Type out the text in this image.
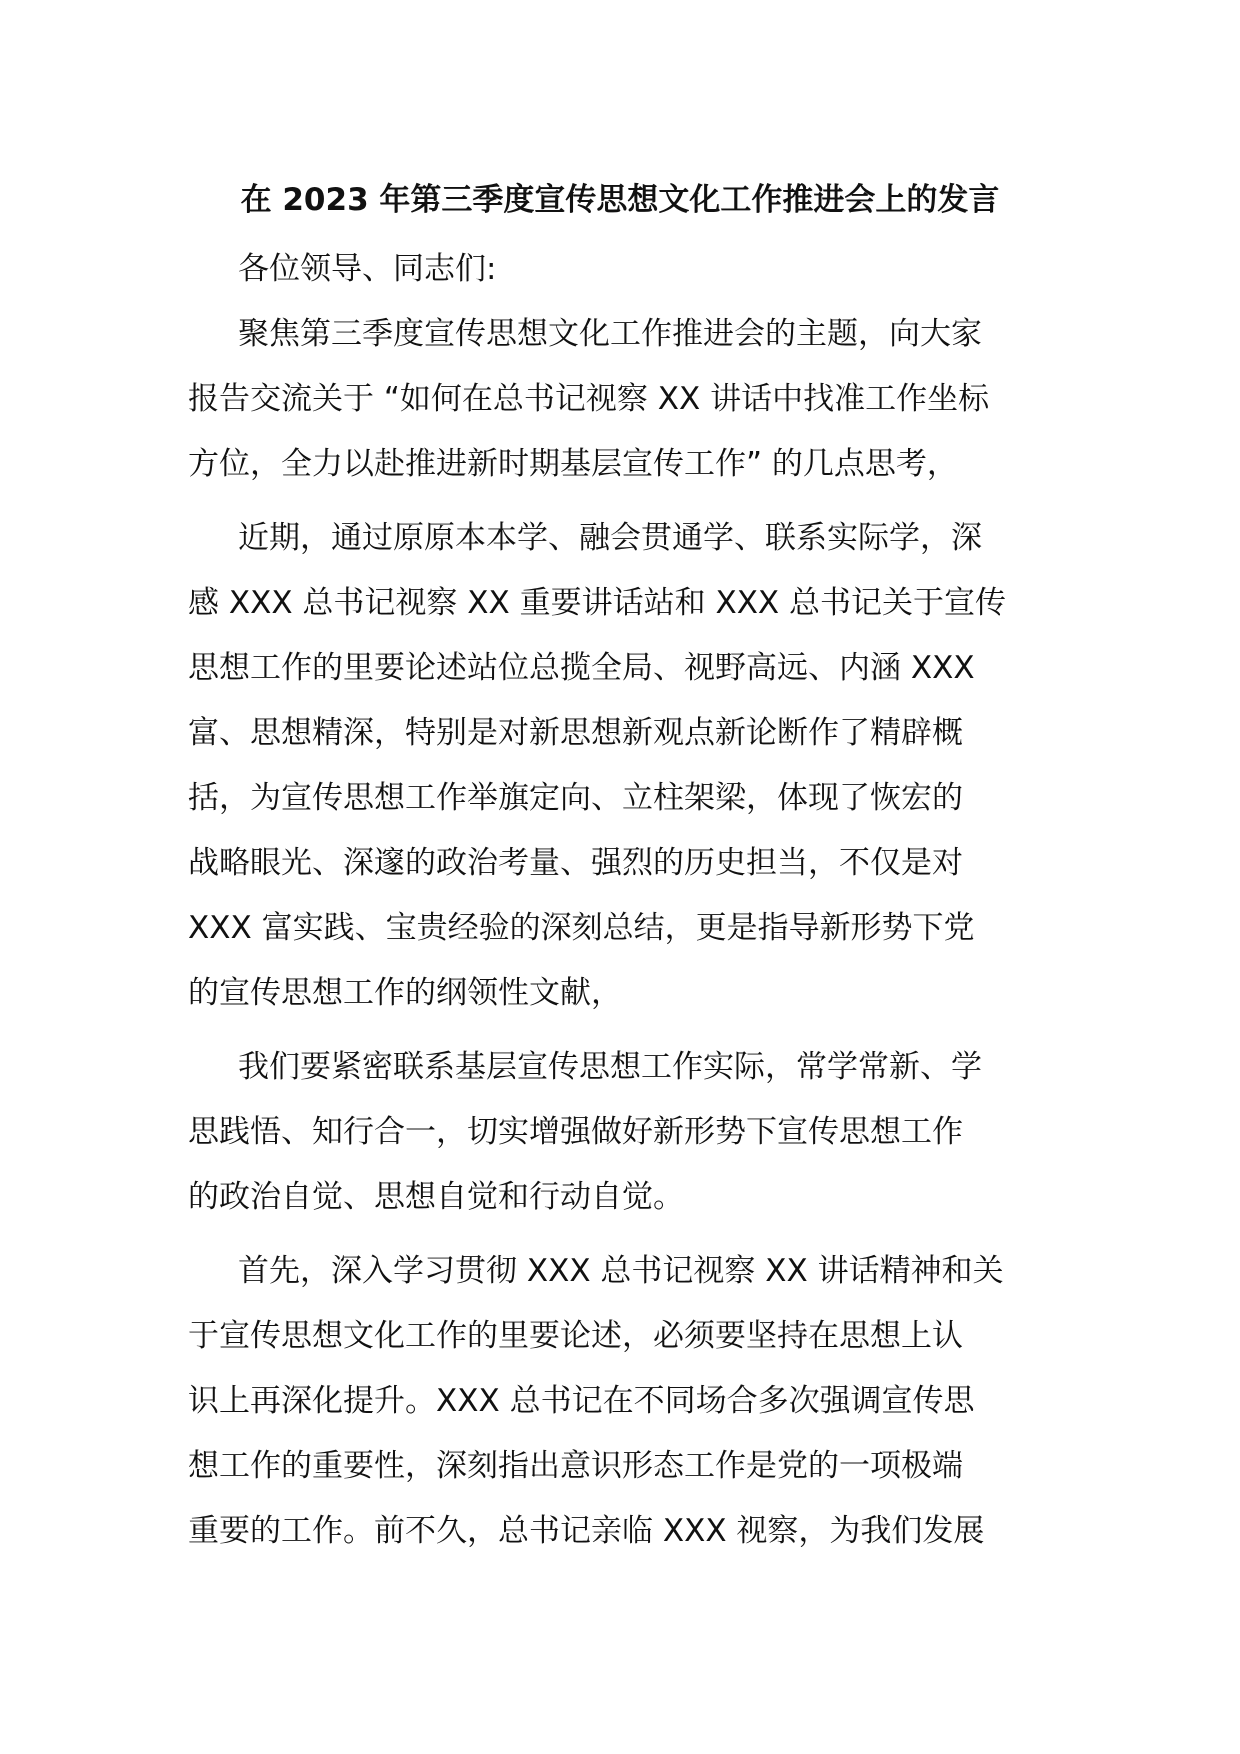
在 2023 年第三季度宣传思想文化工作推进会上的发言
各位领导、同志们:
聚焦第三季度宣传思想文化工作推进会的主题，向大家
报告交流关于 “如何在总书记视察 XX 讲话中找准工作坐标
方位，全力以赴推进新时期基层宣传工作” 的几点思考，
近期，通过原原本本学、融会贯通学、联系实际学，深
感 XXX 总书记视察 XX 重要讲话站和 XXX 总书记关于宣传
思想工作的里要论述站位总揽全局、视野高远、内涵 XXX
富、思想精深，特别是对新思想新观点新论断作了精辟概
括，为宣传思想工作举旗定向、立柱架梁，体现了恢宏的
战略眼光、深邃的政治考量、强烈的历史担当，不仅是对
XXX 富实践、宝贵经验的深刻总结，更是指导新形势下党
的宣传思想工作的纲领性文献，
我们要紧密联系基层宣传思想工作实际，常学常新、学
思践悟、知行合一，切实增强做好新形势下宣传思想工作
的政治自觉、思想自觉和行动自觉。
首先，深入学习贯彻 XXX 总书记视察 XX 讲话精神和关
于宣传思想文化工作的里要论述，必须要坚持在思想上认
识上再深化提升。XXX 总书记在不同场合多次强调宣传思
想工作的重要性，深刻指出意识形态工作是党的一项极端
重要的工作。前不久，总书记亲临 XXX 视察，为我们发展
